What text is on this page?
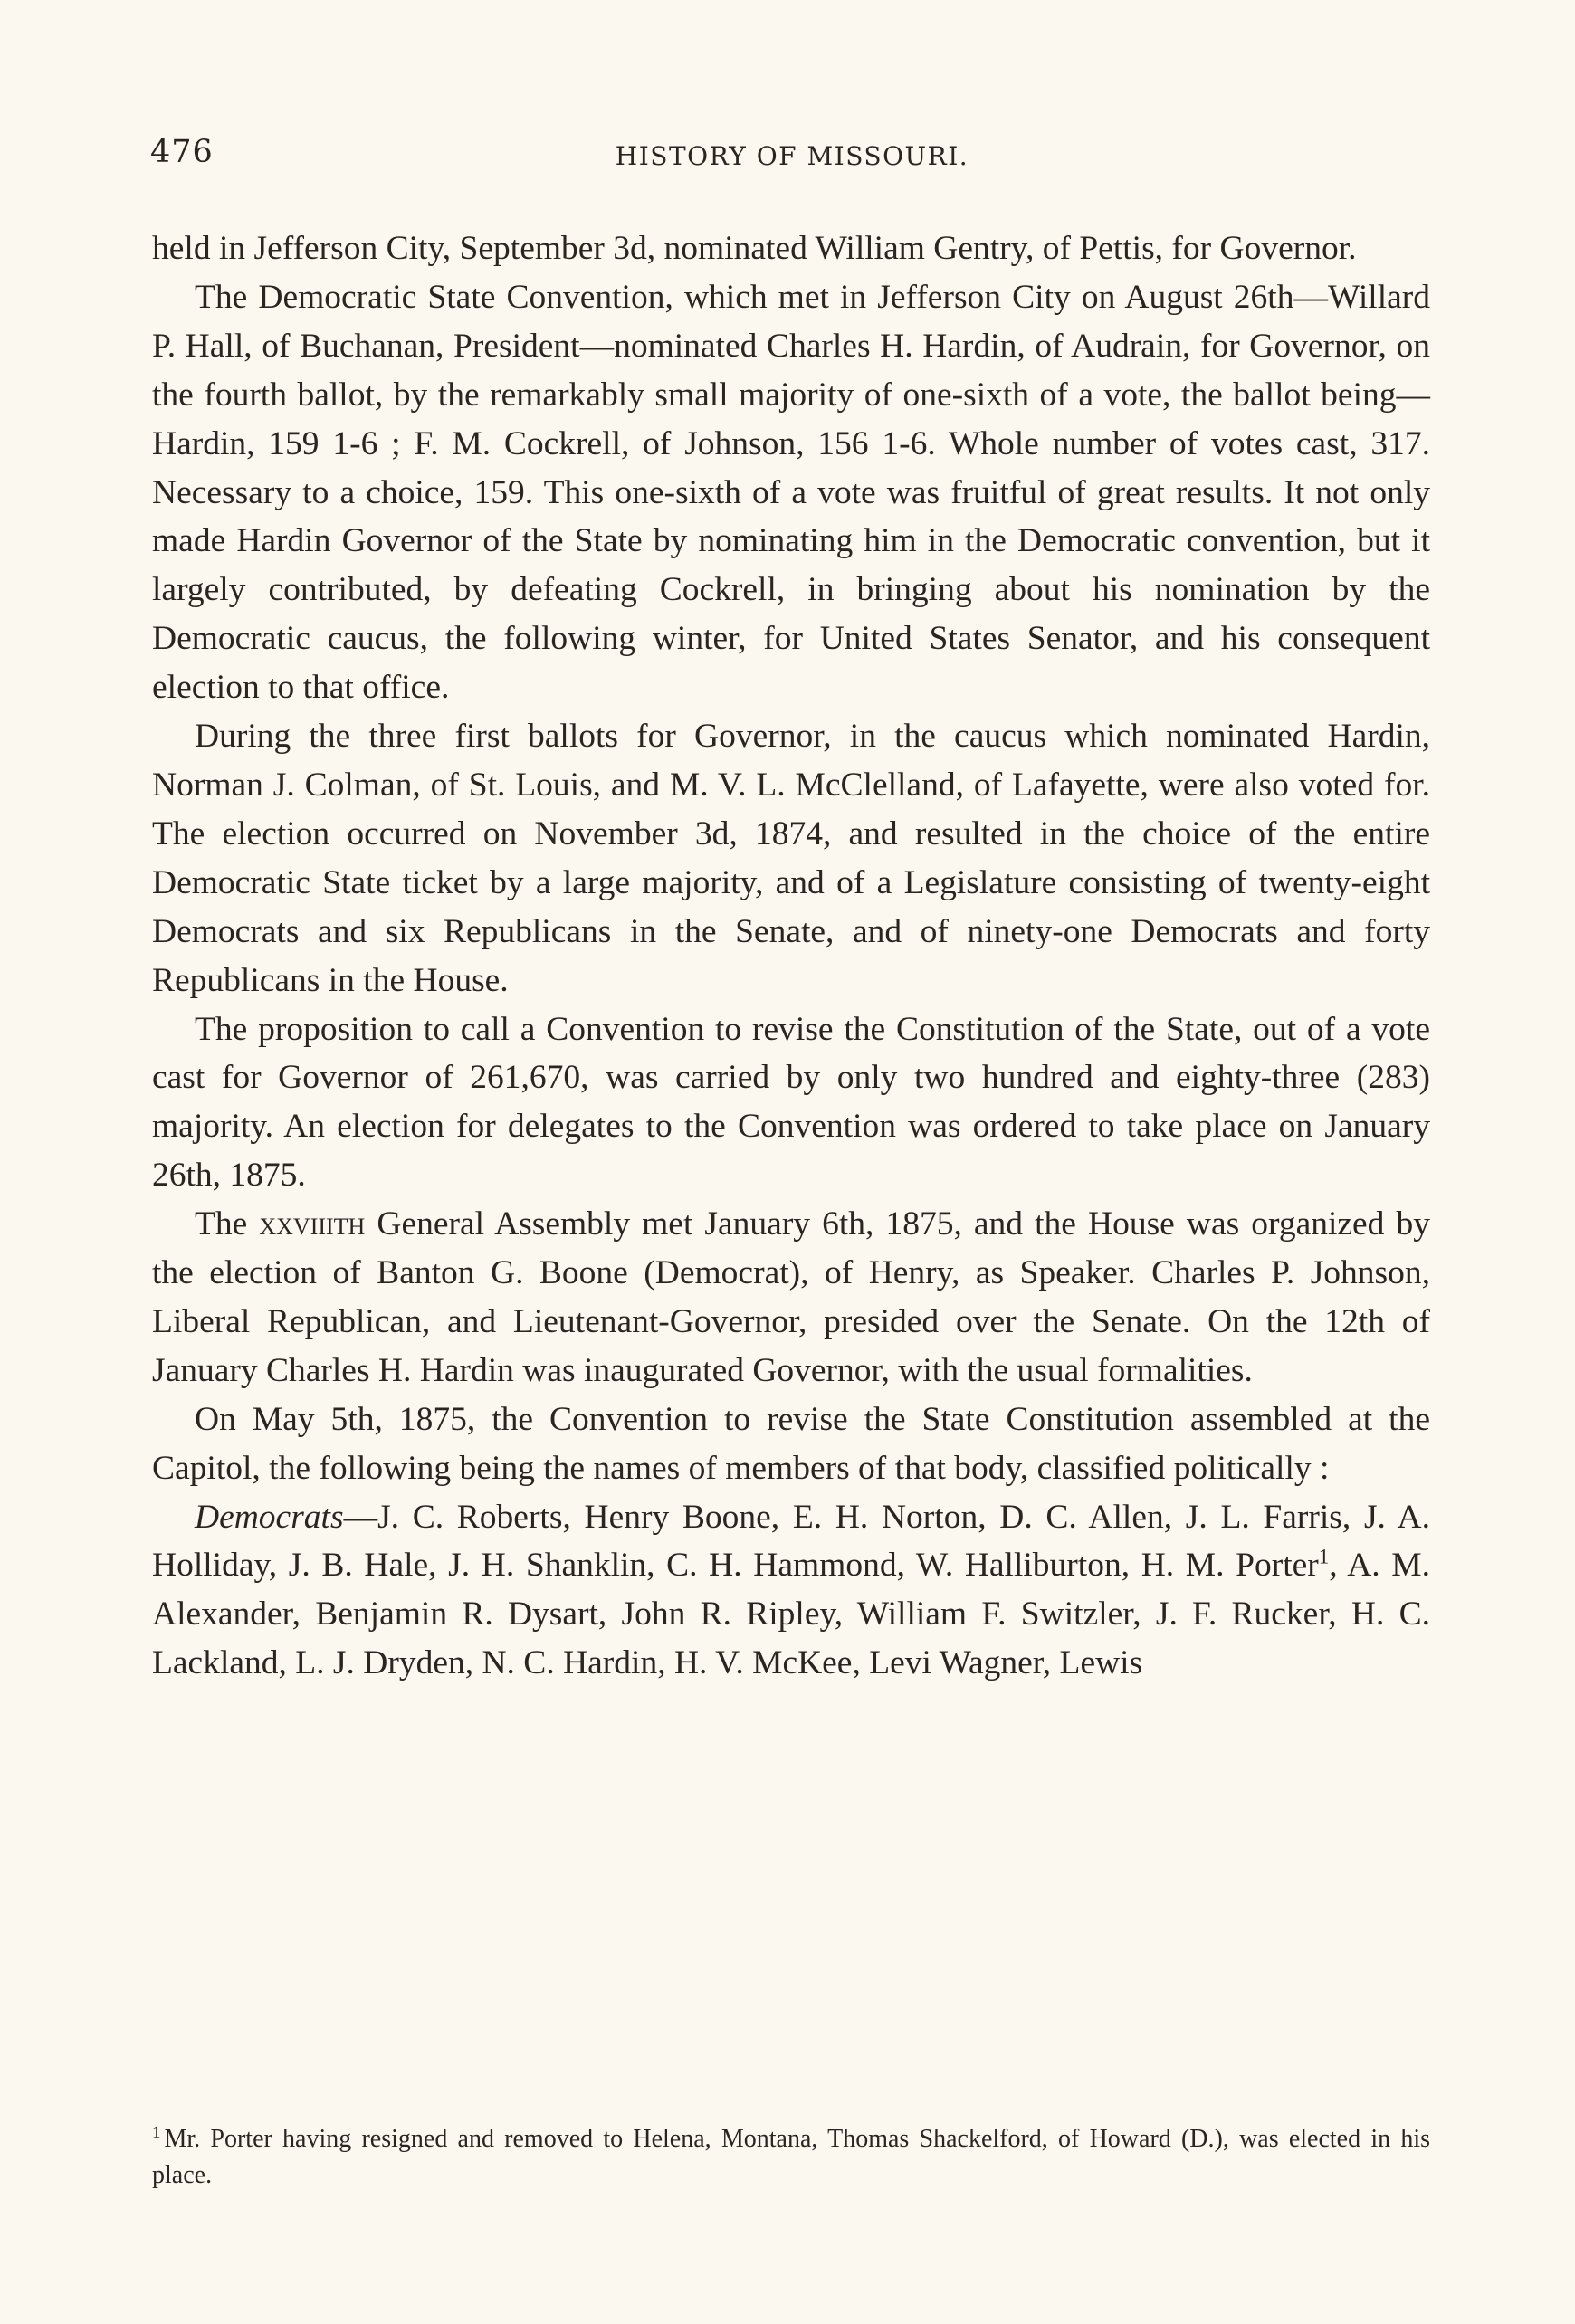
476	HISTORY OF MISSOURI.

held in Jefferson City, September 3d, nominated William Gentry, of Pettis, for Governor.

The Democratic State Convention, which met in Jefferson City on August 26th—Willard P. Hall, of Buchanan, President—nominated Charles H. Hardin, of Audrain, for Governor, on the fourth ballot, by the remarkably small majority of one-sixth of a vote, the ballot being—Hardin, 159 1-6 ; F. M. Cockrell, of Johnson, 156 1-6. Whole number of votes cast, 317. Necessary to a choice, 159. This one-sixth of a vote was fruitful of great results. It not only made Hardin Governor of the State by nominating him in the Democratic convention, but it largely contributed, by defeating Cockrell, in bringing about his nomination by the Democratic caucus, the following winter, for United States Senator, and his consequent election to that office.

During the three first ballots for Governor, in the caucus which nominated Hardin, Norman J. Colman, of St. Louis, and M. V. L. McClelland, of Lafayette, were also voted for. The election occurred on November 3d, 1874, and resulted in the choice of the entire Democratic State ticket by a large majority, and of a Legislature consisting of twenty-eight Democrats and six Republicans in the Senate, and of ninety-one Democrats and forty Republicans in the House.

The proposition to call a Convention to revise the Constitution of the State, out of a vote cast for Governor of 261,670, was carried by only two hundred and eighty-three (283) majority. An election for delegates to the Convention was ordered to take place on January 26th, 1875.

The xxviiith General Assembly met January 6th, 1875, and the House was organized by the election of Banton G. Boone (Democrat), of Henry, as Speaker. Charles P. Johnson, Liberal Republican, and Lieutenant-Governor, presided over the Senate. On the 12th of January Charles H. Hardin was inaugurated Governor, with the usual formalities.

On May 5th, 1875, the Convention to revise the State Constitution assembled at the Capitol, the following being the names of members of that body, classified politically :

Democrats—J. C. Roberts, Henry Boone, E. H. Norton, D. C. Allen, J. L. Farris, J. A. Holliday, J. B. Hale, J. H. Shanklin, C. H. Hammond, W. Halliburton, H. M. Porter$^1$, A. M. Alexander, Benjamin R. Dysart, John R. Ripley, William F. Switzler, J. F. Rucker, H. C. Lackland, L. J. Dryden, N. C. Hardin, H. V. McKee, Levi Wagner, Lewis

$^1$ Mr. Porter having resigned and removed to Helena, Montana, Thomas Shackelford, of Howard (D.), was elected in his place.
